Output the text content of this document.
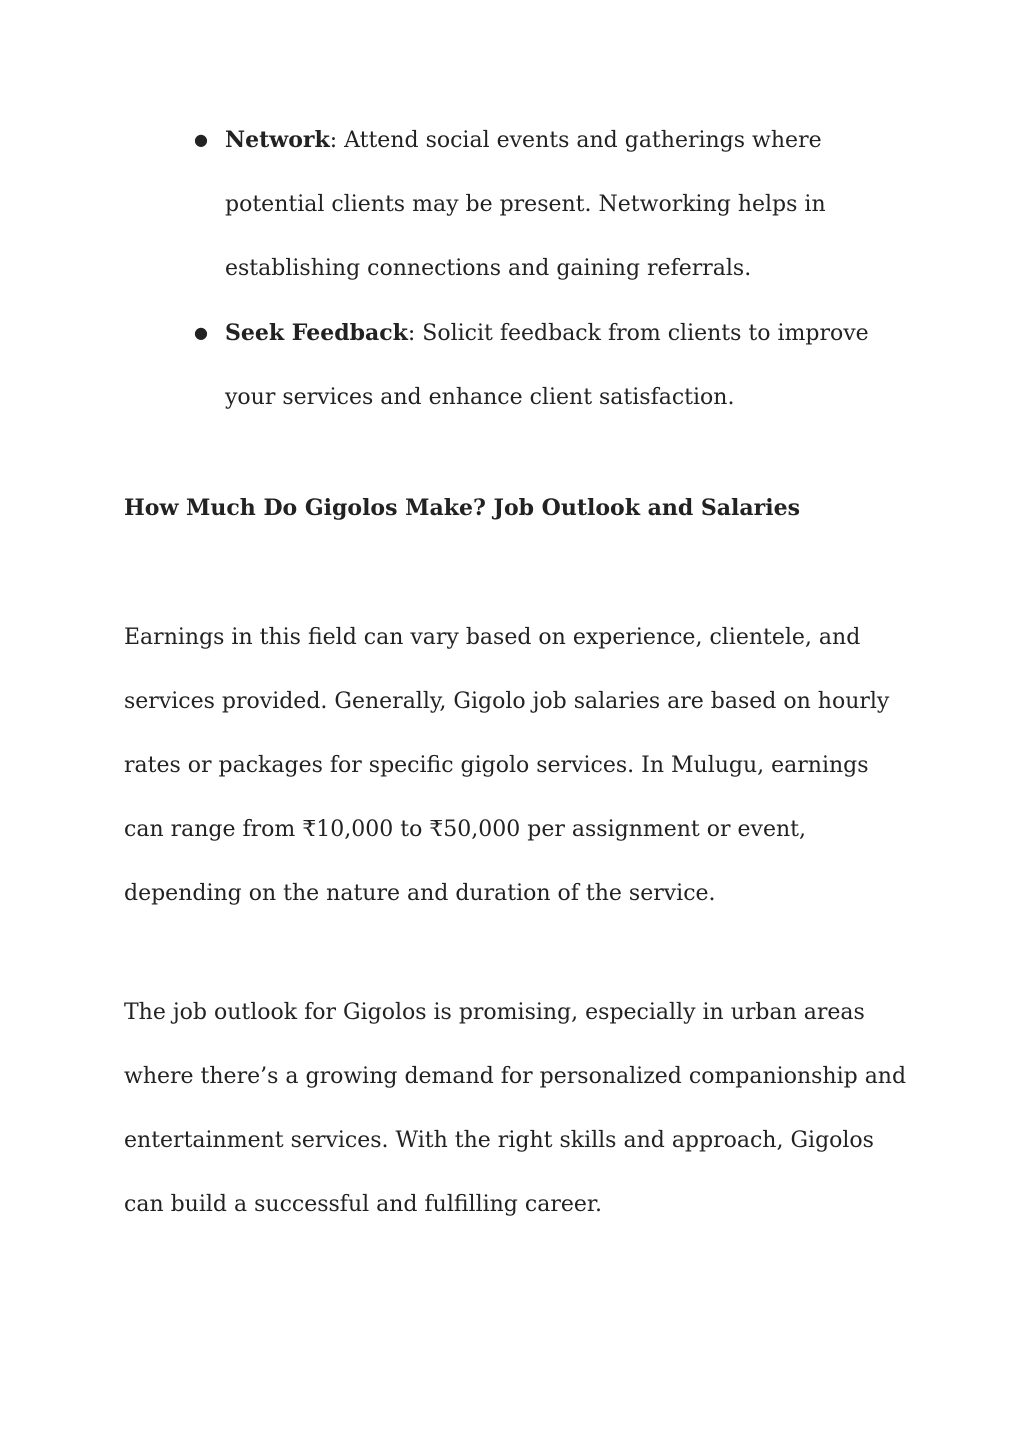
● Network: Attend social events and gatherings where potential clients may be present. Networking helps in establishing connections and gaining referrals.
● Seek Feedback: Solicit feedback from clients to improve your services and enhance client satisfaction.
How Much Do Gigolos Make? Job Outlook and Salaries

Earnings in this field can vary based on experience, clientele, and services provided. Generally, Gigolo job salaries are based on hourly rates or packages for specific gigolo services. In Mulugu, earnings can range from ₹10,000 to ₹50,000 per assignment or event, depending on the nature and duration of the service.

The job outlook for Gigolos is promising, especially in urban areas where there’s a growing demand for personalized companionship and entertainment services. With the right skills and approach, Gigolos can build a successful and fulfilling career.
